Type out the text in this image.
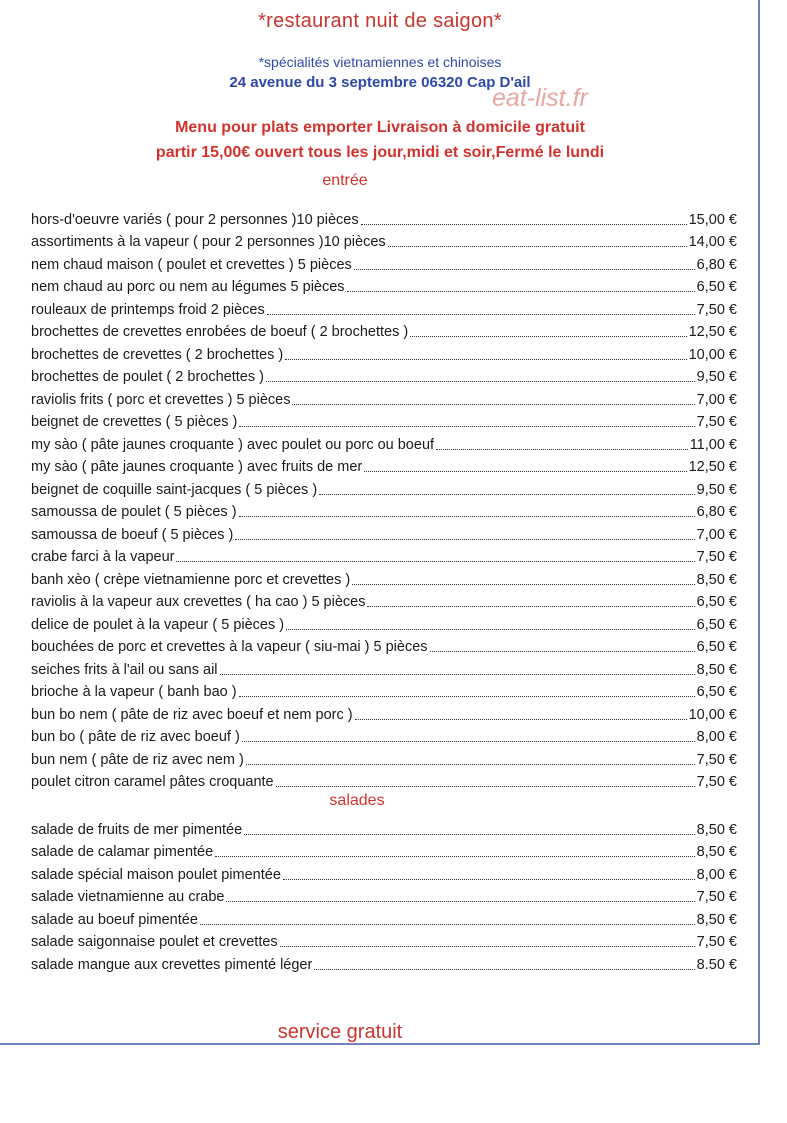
*restaurant nuit de saigon*
*spécialités vietnamiennes et chinoises
24 avenue du 3 septembre 06320 Cap D'ail
eat-list.fr
Menu pour plats emporter Livraison à domicile gratuit
partir 15,00€ ouvert tous les jour,midi et soir,Fermé le lundi
entrée
hors-d'oeuvre variés ( pour 2 personnes )10 pièces	15,00 €
assortiments à la vapeur ( pour 2 personnes )10 pièces	14,00 €
nem chaud maison ( poulet et crevettes ) 5 pièces	6,80 €
nem chaud au porc ou nem au légumes 5 pièces	6,50 €
rouleaux de printemps froid 2 pièces	7,50 €
brochettes de crevettes enrobées de boeuf ( 2 brochettes )	12,50 €
brochettes de crevettes ( 2 brochettes )	10,00 €
brochettes de poulet ( 2 brochettes )	9,50 €
raviolis frits ( porc et crevettes ) 5 pièces	7,00 €
beignet de crevettes ( 5 pièces )	7,50 €
my sào ( pâte jaunes croquante ) avec poulet ou porc ou boeuf	11,00 €
my sào ( pâte jaunes croquante ) avec fruits de mer	12,50 €
beignet de coquille saint-jacques ( 5 pièces )	9,50 €
samoussa de poulet ( 5 pièces )	6,80 €
samoussa de boeuf ( 5 pièces )	7,00 €
crabe farci à la vapeur	7,50 €
banh xèo ( crèpe vietnamienne porc et crevettes )	8,50 €
raviolis à la vapeur aux crevettes ( ha cao ) 5 pièces	6,50 €
delice de poulet à la vapeur ( 5 pièces )	6,50 €
bouchées de porc et crevettes à la vapeur ( siu-mai ) 5 pièces	6,50 €
seiches frits à l'ail ou sans ail	8,50 €
brioche à la vapeur ( banh bao )	6,50 €
bun bo nem ( pâte de riz avec boeuf et nem porc )	10,00 €
bun bo ( pâte de riz avec boeuf )	8,00 €
bun nem ( pâte de riz avec nem )	7,50 €
poulet citron caramel pâtes croquante	7,50 €
salades
salade de fruits de mer pimentée	8,50 €
salade de calamar pimentée	8,50 €
salade spécial maison poulet pimentée	8,00 €
salade vietnamienne au crabe	7,50 €
salade au boeuf pimentée	8,50 €
salade saigonnaise poulet et crevettes	7,50 €
salade mangue aux crevettes pimenté léger	8.50 €
service gratuit
